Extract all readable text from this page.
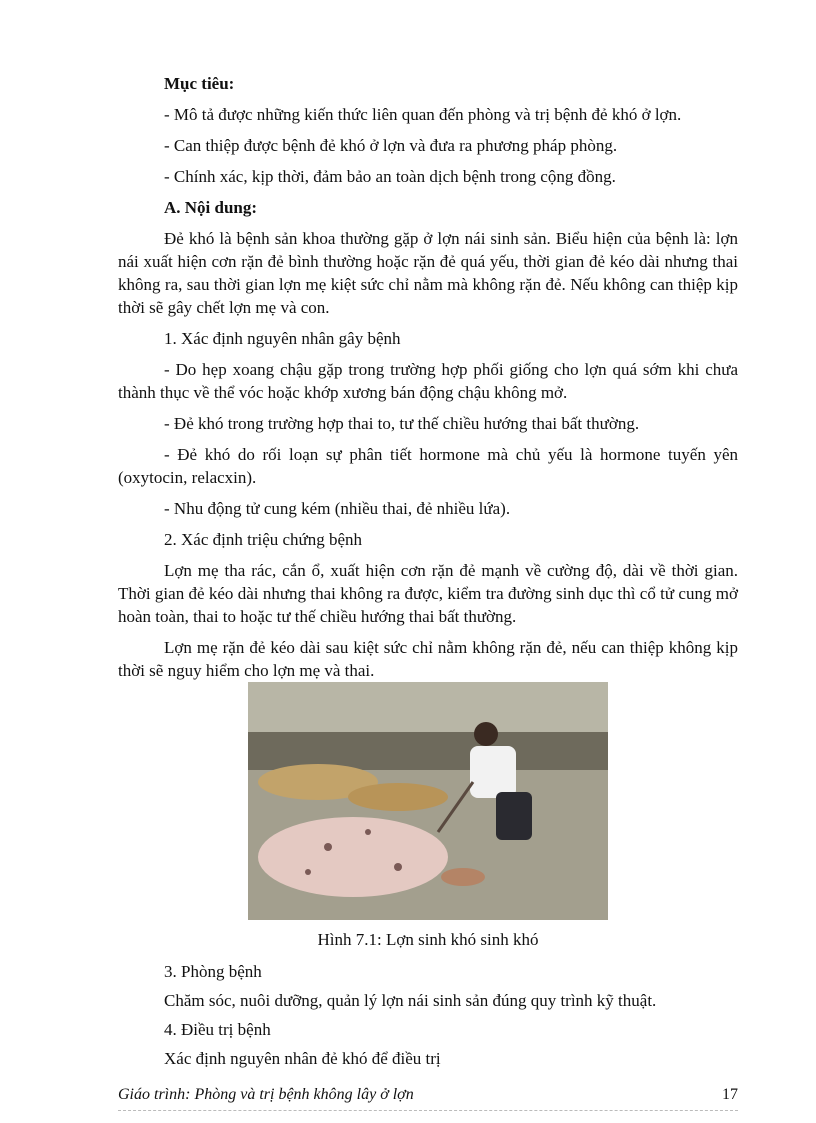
Mục tiêu:

- Mô tả được những kiến thức liên quan đến phòng và trị bệnh đẻ khó ở lợn.

- Can thiệp được bệnh đẻ khó ở lợn và đưa ra phương pháp phòng.

- Chính xác, kịp thời, đảm bảo an toàn dịch bệnh trong cộng đồng.

A. Nội dung:

Đẻ khó là bệnh sản khoa thường gặp ở lợn nái sinh sản. Biểu hiện của bệnh là: lợn nái xuất hiện cơn rặn đẻ bình thường hoặc rặn đẻ quá yếu, thời gian đẻ kéo dài nhưng thai không ra, sau thời gian lợn mẹ kiệt sức chỉ nằm mà không rặn đẻ. Nếu không can thiệp kịp thời sẽ gây chết lợn mẹ và con.

1. Xác định nguyên nhân gây bệnh

- Do hẹp xoang chậu gặp trong trường hợp phối giống cho lợn quá sớm khi chưa thành thục về thể vóc hoặc khớp xương bán động chậu không mở.

- Đẻ khó trong trường hợp thai to, tư thế chiều hướng thai bất thường.

- Đẻ khó do rối loạn sự phân tiết hormone mà chủ yếu là hormone tuyến yên (oxytocin, relacxin).

- Nhu động tử cung kém (nhiều thai, đẻ nhiều lứa).

2. Xác định triệu chứng bệnh

Lợn mẹ tha rác, cắn ổ, xuất hiện cơn rặn đẻ mạnh về cường độ, dài về thời gian. Thời gian đẻ kéo dài nhưng thai không ra được, kiểm tra đường sinh dục thì cổ tử cung mở hoàn toàn, thai to hoặc tư thế chiều hướng thai bất thường.

Lợn mẹ rặn đẻ kéo dài sau kiệt sức chỉ nằm không rặn đẻ, nếu can thiệp không kịp thời sẽ nguy hiểm cho lợn mẹ và thai.

Hình 7.1: Lợn sinh khó sinh khó

3. Phòng bệnh

Chăm sóc, nuôi dưỡng, quản lý lợn nái sinh sản đúng quy trình kỹ thuật.

4. Điều trị bệnh

Xác định nguyên nhân đẻ khó để điều trị

Giáo trình: Phòng và trị bệnh không lây ở lợn	17
